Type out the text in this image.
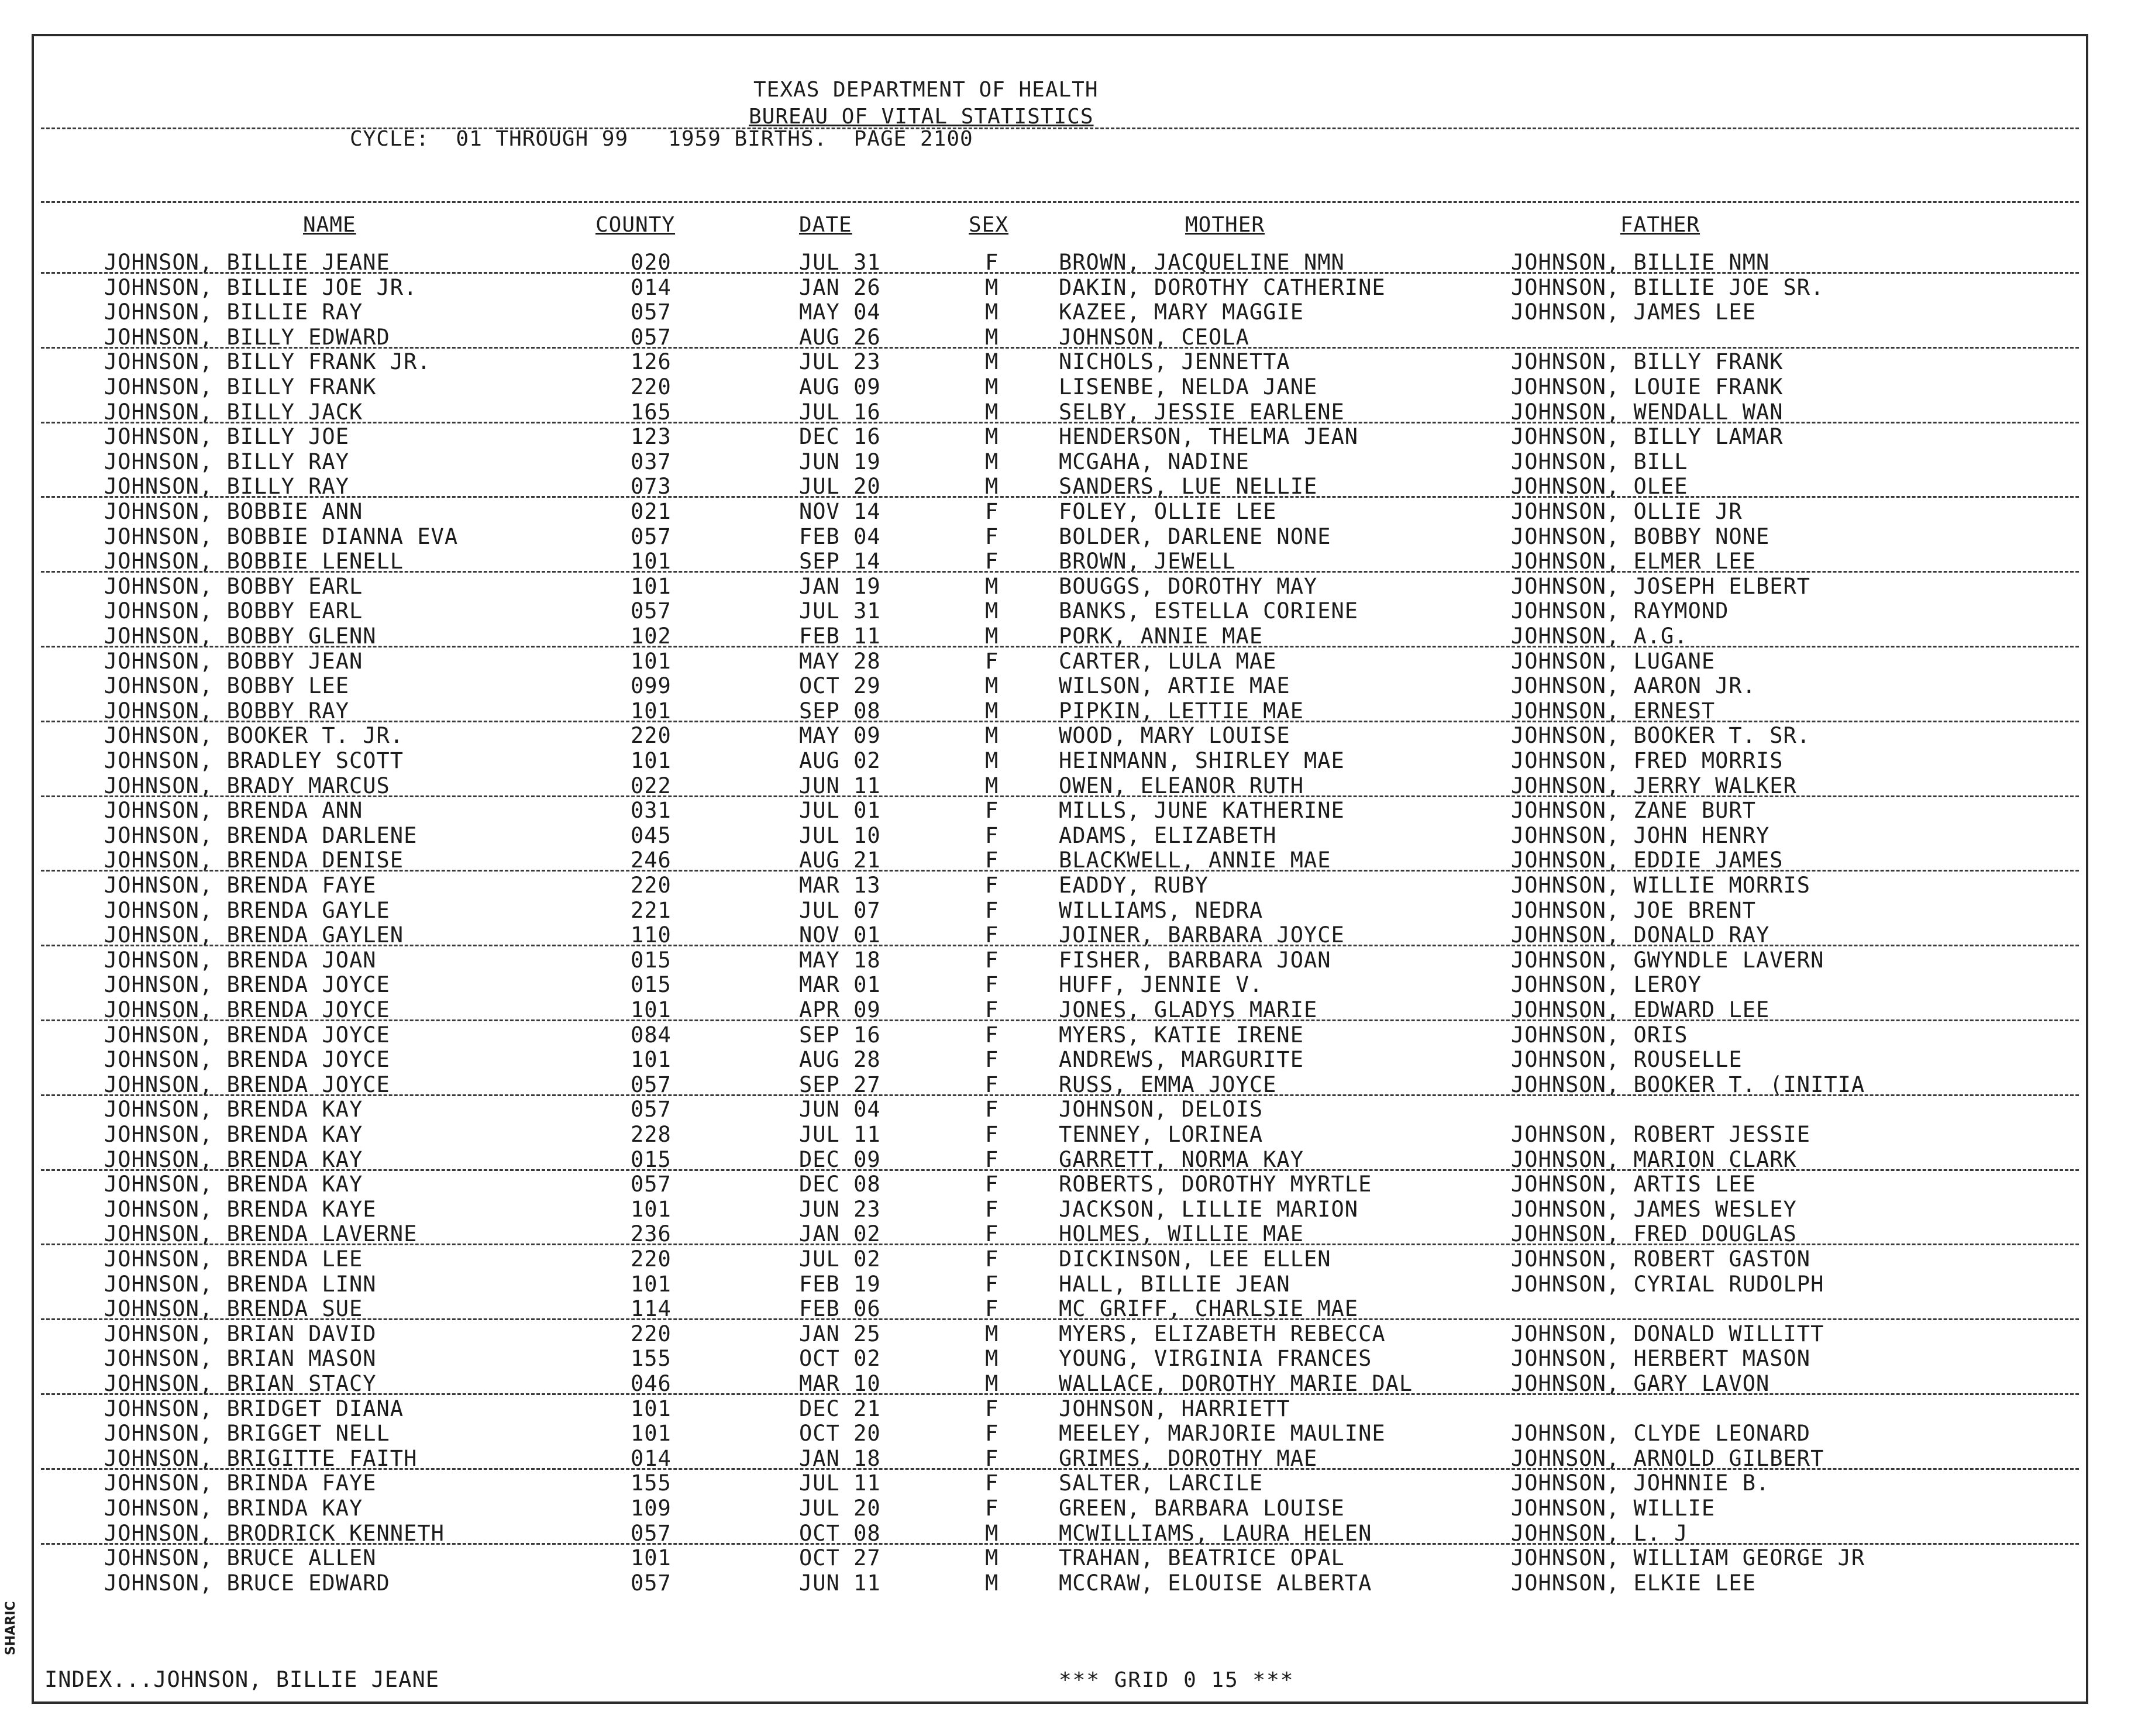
TEXAS DEPARTMENT OF HEALTH
BUREAU OF VITAL STATISTICS
CYCLE:  01 THROUGH 99   1959 BIRTHS.  PAGE 2100
NAME	COUNTY	DATE	SEX	MOTHER	FATHER
JOHNSON, BILLIE JEANE	020	JUL 31	F	BROWN, JACQUELINE NMN	JOHNSON, BILLIE NMN
JOHNSON, BILLIE JOE JR.	014	JAN 26	M	DAKIN, DOROTHY CATHERINE	JOHNSON, BILLIE JOE SR.
JOHNSON, BILLIE RAY	057	MAY 04	M	KAZEE, MARY MAGGIE	JOHNSON, JAMES LEE
JOHNSON, BILLY EDWARD	057	AUG 26	M	JOHNSON, CEOLA
JOHNSON, BILLY FRANK JR.	126	JUL 23	M	NICHOLS, JENNETTA	JOHNSON, BILLY FRANK
JOHNSON, BILLY FRANK	220	AUG 09	M	LISENBE, NELDA JANE	JOHNSON, LOUIE FRANK
JOHNSON, BILLY JACK	165	JUL 16	M	SELBY, JESSIE EARLENE	JOHNSON, WENDALL WAN
JOHNSON, BILLY JOE	123	DEC 16	M	HENDERSON, THELMA JEAN	JOHNSON, BILLY LAMAR
JOHNSON, BILLY RAY	037	JUN 19	M	MCGAHA, NADINE	JOHNSON, BILL
JOHNSON, BILLY RAY	073	JUL 20	M	SANDERS, LUE NELLIE	JOHNSON, OLEE
JOHNSON, BOBBIE ANN	021	NOV 14	F	FOLEY, OLLIE LEE	JOHNSON, OLLIE JR
JOHNSON, BOBBIE DIANNA EVA	057	FEB 04	F	BOLDER, DARLENE NONE	JOHNSON, BOBBY NONE
JOHNSON, BOBBIE LENELL	101	SEP 14	F	BROWN, JEWELL	JOHNSON, ELMER LEE
JOHNSON, BOBBY EARL	101	JAN 19	M	BOUGGS, DOROTHY MAY	JOHNSON, JOSEPH ELBERT
JOHNSON, BOBBY EARL	057	JUL 31	M	BANKS, ESTELLA CORIENE	JOHNSON, RAYMOND
JOHNSON, BOBBY GLENN	102	FEB 11	M	PORK, ANNIE MAE	JOHNSON, A.G.
JOHNSON, BOBBY JEAN	101	MAY 28	F	CARTER, LULA MAE	JOHNSON, LUGANE
JOHNSON, BOBBY LEE	099	OCT 29	M	WILSON, ARTIE MAE	JOHNSON, AARON JR.
JOHNSON, BOBBY RAY	101	SEP 08	M	PIPKIN, LETTIE MAE	JOHNSON, ERNEST
JOHNSON, BOOKER T. JR.	220	MAY 09	M	WOOD, MARY LOUISE	JOHNSON, BOOKER T. SR.
JOHNSON, BRADLEY SCOTT	101	AUG 02	M	HEINMANN, SHIRLEY MAE	JOHNSON, FRED MORRIS
JOHNSON, BRADY MARCUS	022	JUN 11	M	OWEN, ELEANOR RUTH	JOHNSON, JERRY WALKER
JOHNSON, BRENDA ANN	031	JUL 01	F	MILLS, JUNE KATHERINE	JOHNSON, ZANE BURT
JOHNSON, BRENDA DARLENE	045	JUL 10	F	ADAMS, ELIZABETH	JOHNSON, JOHN HENRY
JOHNSON, BRENDA DENISE	246	AUG 21	F	BLACKWELL, ANNIE MAE	JOHNSON, EDDIE JAMES
JOHNSON, BRENDA FAYE	220	MAR 13	F	EADDY, RUBY	JOHNSON, WILLIE MORRIS
JOHNSON, BRENDA GAYLE	221	JUL 07	F	WILLIAMS, NEDRA	JOHNSON, JOE BRENT
JOHNSON, BRENDA GAYLEN	110	NOV 01	F	JOINER, BARBARA JOYCE	JOHNSON, DONALD RAY
JOHNSON, BRENDA JOAN	015	MAY 18	F	FISHER, BARBARA JOAN	JOHNSON, GWYNDLE LAVERN
JOHNSON, BRENDA JOYCE	015	MAR 01	F	HUFF, JENNIE V.	JOHNSON, LEROY
JOHNSON, BRENDA JOYCE	101	APR 09	F	JONES, GLADYS MARIE	JOHNSON, EDWARD LEE
JOHNSON, BRENDA JOYCE	084	SEP 16	F	MYERS, KATIE IRENE	JOHNSON, ORIS
JOHNSON, BRENDA JOYCE	101	AUG 28	F	ANDREWS, MARGURITE	JOHNSON, ROUSELLE
JOHNSON, BRENDA JOYCE	057	SEP 27	F	RUSS, EMMA JOYCE	JOHNSON, BOOKER T. (INITIA
JOHNSON, BRENDA KAY	057	JUN 04	F	JOHNSON, DELOIS
JOHNSON, BRENDA KAY	228	JUL 11	F	TENNEY, LORINEA	JOHNSON, ROBERT JESSIE
JOHNSON, BRENDA KAY	015	DEC 09	F	GARRETT, NORMA KAY	JOHNSON, MARION CLARK
JOHNSON, BRENDA KAY	057	DEC 08	F	ROBERTS, DOROTHY MYRTLE	JOHNSON, ARTIS LEE
JOHNSON, BRENDA KAYE	101	JUN 23	F	JACKSON, LILLIE MARION	JOHNSON, JAMES WESLEY
JOHNSON, BRENDA LAVERNE	236	JAN 02	F	HOLMES, WILLIE MAE	JOHNSON, FRED DOUGLAS
JOHNSON, BRENDA LEE	220	JUL 02	F	DICKINSON, LEE ELLEN	JOHNSON, ROBERT GASTON
JOHNSON, BRENDA LINN	101	FEB 19	F	HALL, BILLIE JEAN	JOHNSON, CYRIAL RUDOLPH
JOHNSON, BRENDA SUE	114	FEB 06	F	MC GRIFF, CHARLSIE MAE
JOHNSON, BRIAN DAVID	220	JAN 25	M	MYERS, ELIZABETH REBECCA	JOHNSON, DONALD WILLITT
JOHNSON, BRIAN MASON	155	OCT 02	M	YOUNG, VIRGINIA FRANCES	JOHNSON, HERBERT MASON
JOHNSON, BRIAN STACY	046	MAR 10	M	WALLACE, DOROTHY MARIE DAL	JOHNSON, GARY LAVON
JOHNSON, BRIDGET DIANA	101	DEC 21	F	JOHNSON, HARRIETT
JOHNSON, BRIGGET NELL	101	OCT 20	F	MEELEY, MARJORIE MAULINE	JOHNSON, CLYDE LEONARD
JOHNSON, BRIGITTE FAITH	014	JAN 18	F	GRIMES, DOROTHY MAE	JOHNSON, ARNOLD GILBERT
JOHNSON, BRINDA FAYE	155	JUL 11	F	SALTER, LARCILE	JOHNSON, JOHNNIE B.
JOHNSON, BRINDA KAY	109	JUL 20	F	GREEN, BARBARA LOUISE	JOHNSON, WILLIE
JOHNSON, BRODRICK KENNETH	057	OCT 08	M	MCWILLIAMS, LAURA HELEN	JOHNSON, L. J
JOHNSON, BRUCE ALLEN	101	OCT 27	M	TRAHAN, BEATRICE OPAL	JOHNSON, WILLIAM GEORGE JR
JOHNSON, BRUCE EDWARD	057	JUN 11	M	MCCRAW, ELOUISE ALBERTA	JOHNSON, ELKIE LEE
INDEX...JOHNSON, BILLIE JEANE	*** GRID 0 15 ***
SHARIC
